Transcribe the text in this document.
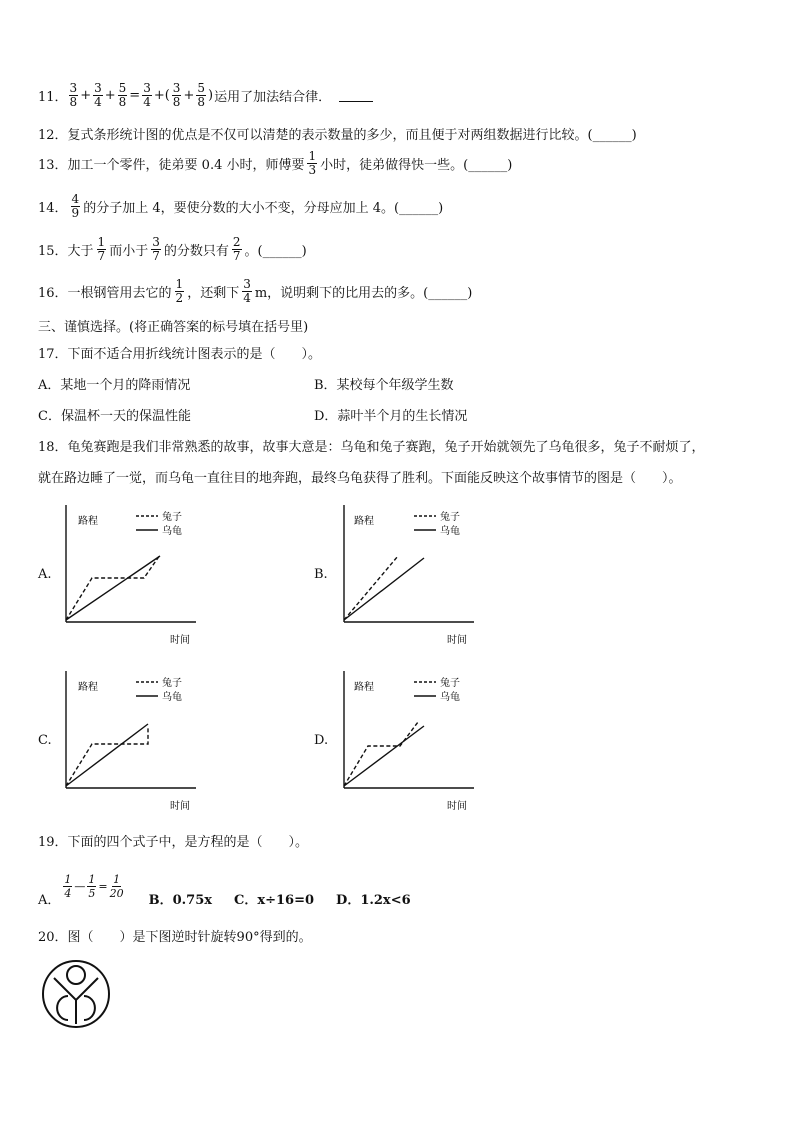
11． $\frac{3}{8} + \frac{3}{4} + \frac{5}{8} = \frac{3}{4}$ +( $\frac{3}{8} + \frac{5}{8}$ ) 运用了加法结合律．
12．复式条形统计图的优点是不仅可以清楚的表示数量的多少，而且便于对两组数据进行比较。(______)
13．加工一个零件，徒弟要 0.4 小时，师傅要 $\frac{1}{3}$ 小时，徒弟做得快一些。(______)
14． $\frac{4}{9}$ 的分子加上 4，要使分数的大小不变，分母应加上 4。(______)
15．大于 $\frac{1}{7}$ 而小于 $\frac{3}{7}$ 的分数只有 $\frac{2}{7}$ 。(______)
16．一根钢管用去它的 $\frac{1}{2}$ ，还剩下 $\frac{3}{4}$ m，说明剩下的比用去的多。(______)
三、谨慎选择。(将正确答案的标号填在括号里)
17．下面不适合用折线统计图表示的是（　　）。
A．某地一个月的降雨情况	B．某校每个年级学生数
C．保温杯一天的保温性能	D．蒜叶半个月的生长情况
18．龟兔赛跑是我们非常熟悉的故事，故事大意是：乌龟和兔子赛跑，兔子开始就领先了乌龟很多，兔子不耐烦了，
就在路边睡了一觉，而乌龟一直往目的地奔跑，最终乌龟获得了胜利。下面能反映这个故事情节的图是（　　）。
A.
路程
时间
兔子
乌龟
B.
路程
时间
兔子
乌龟
C.
路程
时间
兔子
乌龟
D.
路程
时间
兔子
乌龟
19．下面的四个式子中，是方程的是（　　）。
A．
$\frac{1}{4}$ — $\frac{1}{5} = \frac{1}{20}$
B．0.75x C．x÷16=0 D．1.2x<6
20．图（　　）是下图逆时针旋转90°得到的。
